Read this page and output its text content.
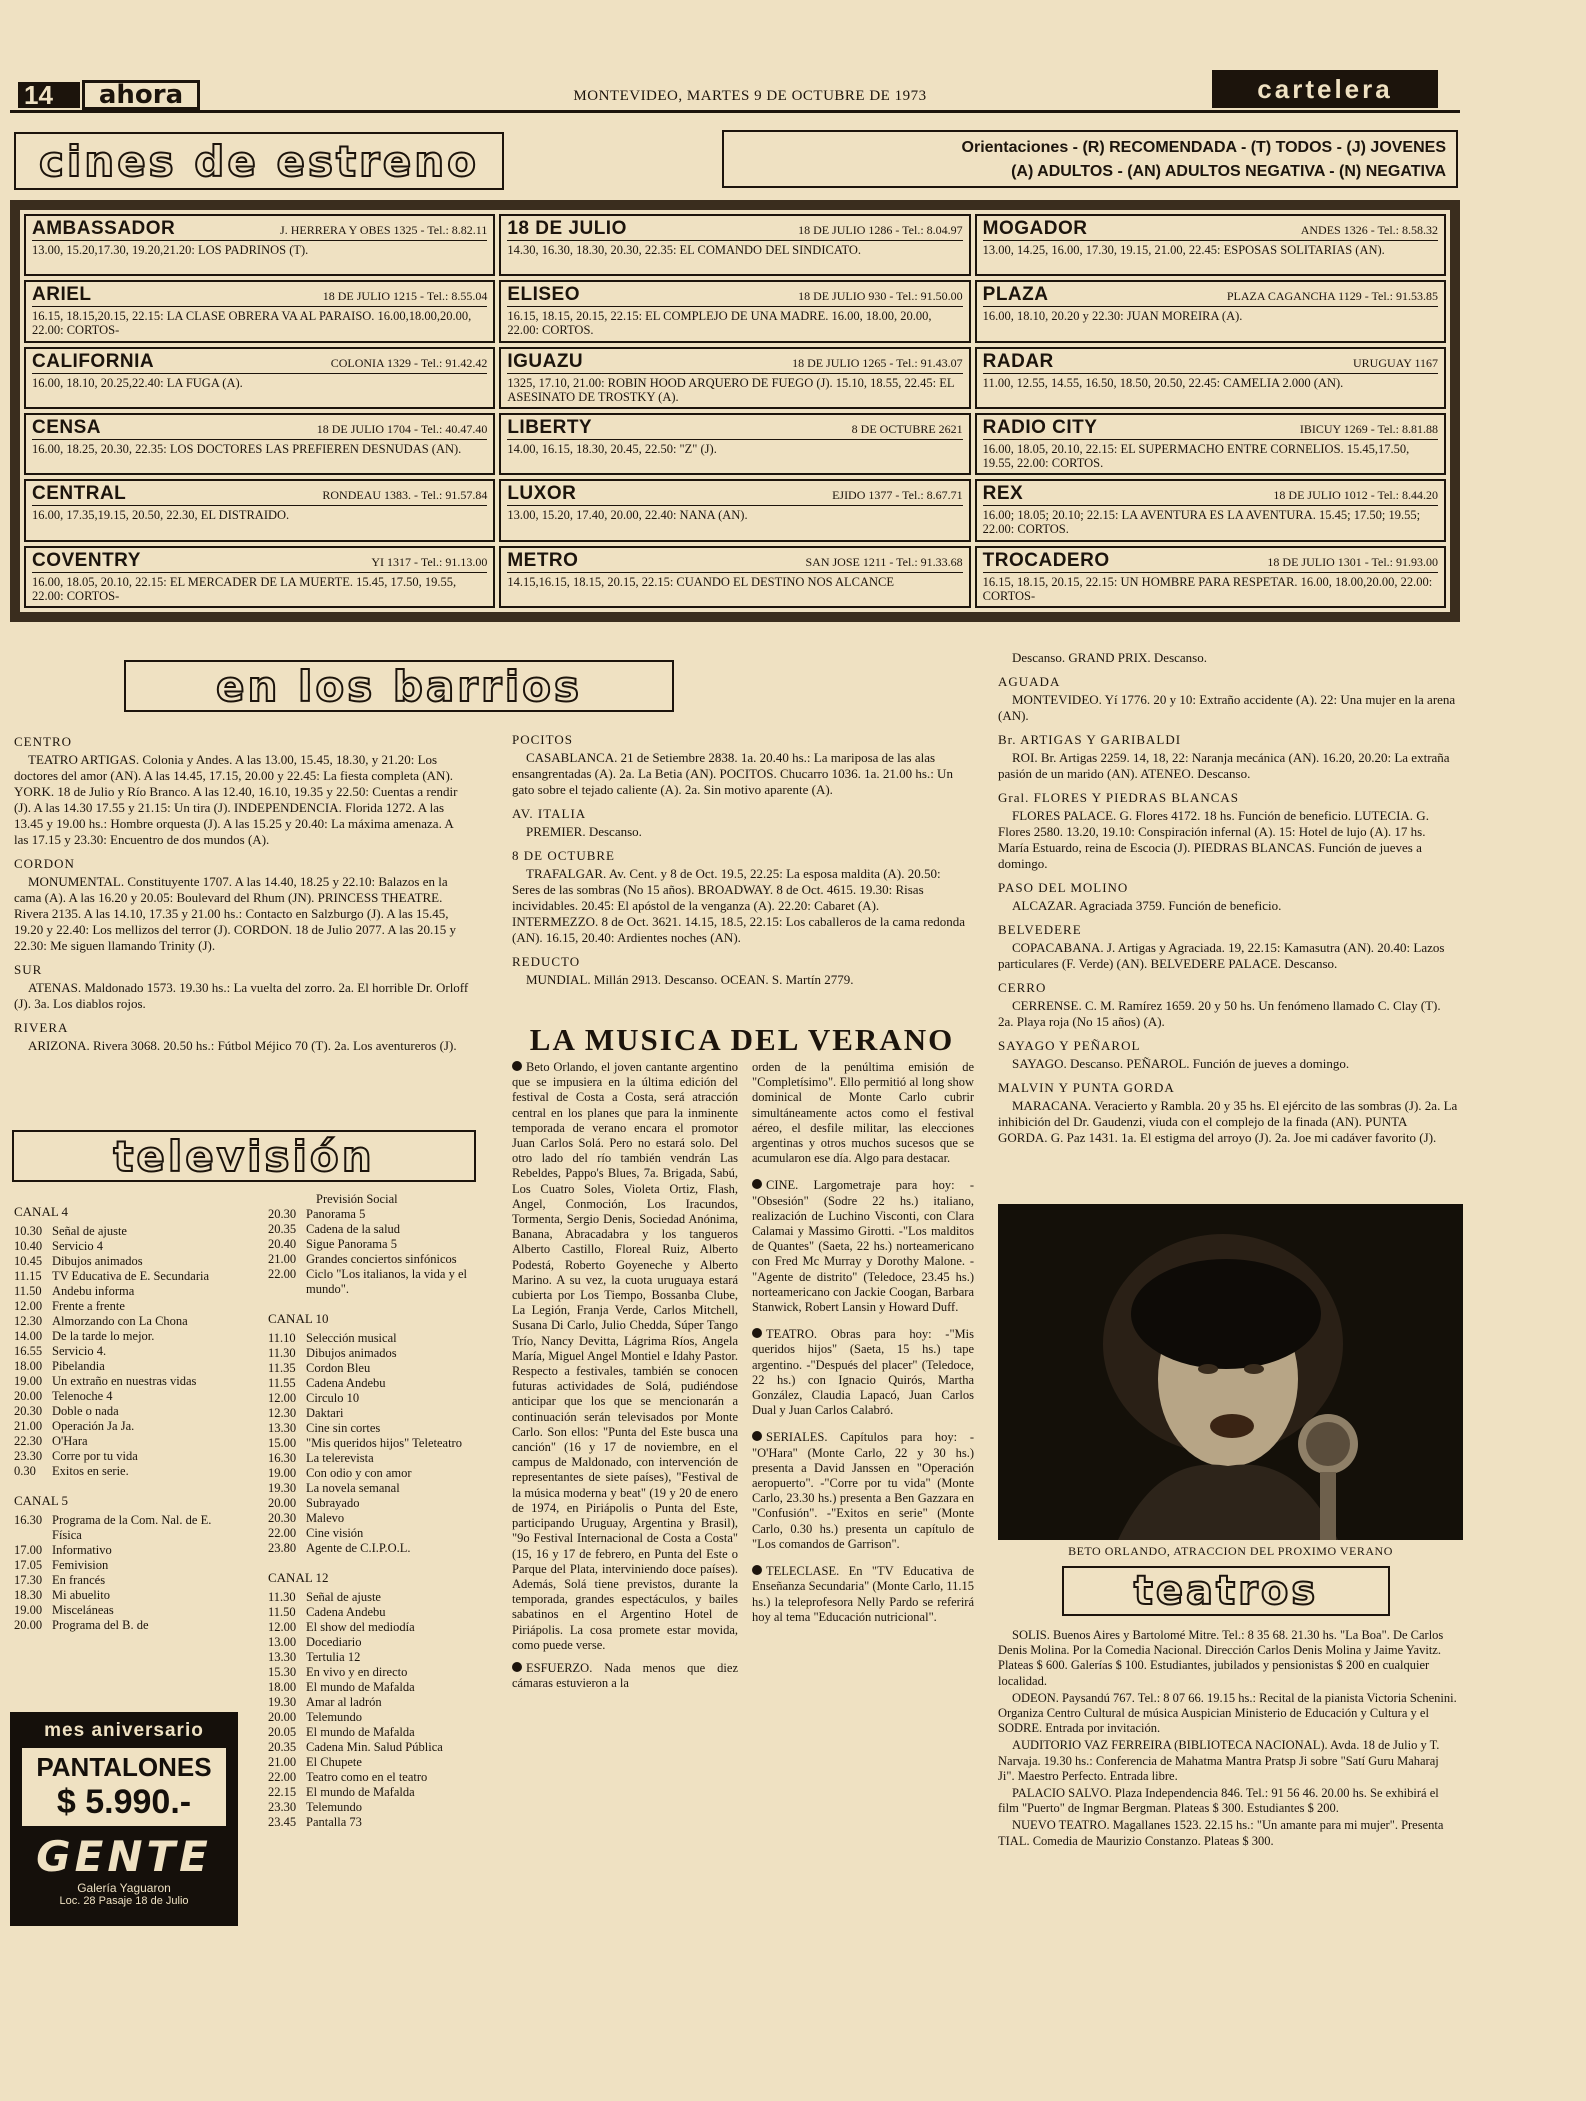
14	ahora	MONTEVIDEO, MARTES 9 DE OCTUBRE DE 1973	cartelera
cines de estreno	Orientaciones - (R) RECOMENDADA - (T) TODOS - (J) JOVENES
(A) ADULTOS - (AN) ADULTOS NEGATIVA - (N) NEGATIVA
AMBASSADOR	J. HERRERA Y OBES 1325 - Tel.: 8.82.11
13.00, 15.20,17.30, 19.20,21.20: LOS PADRINOS (T).
18 DE JULIO	18 DE JULIO 1286 - Tel.: 8.04.97
14.30, 16.30, 18.30, 20.30, 22.35: EL COMANDO DEL SINDICATO.
MOGADOR	ANDES 1326 - Tel.: 8.58.32
13.00, 14.25, 16.00, 17.30, 19.15, 21.00, 22.45: ESPOSAS SOLITARIAS (AN).
ARIEL	18 DE JULIO 1215 - Tel.: 8.55.04
16.15, 18.15,20.15, 22.15: LA CLASE OBRERA VA AL PARAISO. 16.00,18.00,20.00, 22.00: CORTOS-
ELISEO	18 DE JULIO 930 - Tel.: 91.50.00
16.15, 18.15, 20.15, 22.15: EL COMPLEJO DE UNA MADRE. 16.00, 18.00, 20.00, 22.00: CORTOS.
PLAZA	PLAZA CAGANCHA 1129 - Tel.: 91.53.85
16.00, 18.10, 20.20 y 22.30: JUAN MOREIRA (A).
CALIFORNIA	COLONIA 1329 - Tel.: 91.42.42
16.00, 18.10, 20.25,22.40: LA FUGA (A).
IGUAZU	18 DE JULIO 1265 - Tel.: 91.43.07
1325, 17.10, 21.00: ROBIN HOOD ARQUERO DE FUEGO (J). 15.10, 18.55, 22.45: EL ASESINATO DE TROSTKY (A).
RADAR	URUGUAY 1167
11.00, 12.55, 14.55, 16.50, 18.50, 20.50, 22.45: CAMELIA 2.000 (AN).
CENSA	18 DE JULIO 1704 - Tel.: 40.47.40
16.00, 18.25, 20.30, 22.35: LOS DOCTORES LAS PREFIEREN DESNUDAS (AN).
LIBERTY	8 DE OCTUBRE 2621
14.00, 16.15, 18.30, 20.45, 22.50: "Z" (J).
RADIO CITY	IBICUY 1269 - Tel.: 8.81.88
16.00, 18.05, 20.10, 22.15: EL SUPERMACHO ENTRE CORNELIOS. 15.45,17.50, 19.55, 22.00: CORTOS.
CENTRAL	RONDEAU 1383. - Tel.: 91.57.84
16.00, 17.35,19.15, 20.50, 22.30, EL DISTRAIDO.
LUXOR	EJIDO 1377 - Tel.: 8.67.71
13.00, 15.20, 17.40, 20.00, 22.40: NANA (AN).
REX	18 DE JULIO 1012 - Tel.: 8.44.20
16.00; 18.05; 20.10; 22.15: LA AVENTURA ES LA AVENTURA. 15.45; 17.50; 19.55; 22.00: CORTOS.
COVENTRY	YI 1317 - Tel.: 91.13.00
16.00, 18.05, 20.10, 22.15: EL MERCADER DE LA MUERTE. 15.45, 17.50, 19.55, 22.00: CORTOS-
METRO	SAN JOSE 1211 - Tel.: 91.33.68
14.15,16.15, 18.15, 20.15, 22.15: CUANDO EL DESTINO NOS ALCANCE
TROCADERO	18 DE JULIO 1301 - Tel.: 91.93.00
16.15, 18.15, 20.15, 22.15: UN HOMBRE PARA RESPETAR. 16.00, 18.00,20.00, 22.00: CORTOS-
en los barrios
CENTRO

TEATRO ARTIGAS. Colonia y Andes. A las 13.00, 15.45, 18.30, y 21.20: Los doctores del amor (AN). A las 14.45, 17.15, 20.00 y 22.45: La fiesta completa (AN). YORK. 18 de Julio y Río Branco. A las 12.40, 16.10, 19.35 y 22.50: Cuentas a rendir (J). A las 14.30 17.55 y 21.15: Un tira (J). INDEPENDENCIA. Florida 1272. A las 13.45 y 19.00 hs.: Hombre orquesta (J). A las 15.25 y 20.40: La máxima amenaza. A las 17.15 y 23.30: Encuentro de dos mundos (A).

CORDON

MONUMENTAL. Constituyente 1707. A las 14.40, 18.25 y 22.10: Balazos en la cama (A). A las 16.20 y 20.05: Boulevard del Rhum (JN). PRINCESS THEATRE. Rivera 2135. A las 14.10, 17.35 y 21.00 hs.: Contacto en Salzburgo (J). A las 15.45, 19.20 y 22.40: Los mellizos del terror (J). CORDON. 18 de Julio 2077. A las 20.15 y 22.30: Me siguen llamando Trinity (J).

SUR

ATENAS. Maldonado 1573. 19.30 hs.: La vuelta del zorro. 2a. El horrible Dr. Orloff (J). 3a. Los diablos rojos.

RIVERA

ARIZONA. Rivera 3068. 20.50 hs.: Fútbol Méjico 70 (T). 2a. Los aventureros (J).

POCITOS

CASABLANCA. 21 de Setiembre 2838. 1a. 20.40 hs.: La mariposa de las alas ensangrentadas (A). 2a. La Betia (AN). POCITOS. Chucarro 1036. 1a. 21.00 hs.: Un gato sobre el tejado caliente (A). 2a. Sin motivo aparente (A).

AV. ITALIA

PREMIER. Descanso.

8 DE OCTUBRE

TRAFALGAR. Av. Cent. y 8 de Oct. 19.5, 22.25: La esposa maldita (A). 20.50: Seres de las sombras (No 15 años). BROADWAY. 8 de Oct. 4615. 19.30: Risas incividables. 20.45: El apóstol de la venganza (A). 22.20: Cabaret (A). INTERMEZZO. 8 de Oct. 3621. 14.15, 18.5, 22.15: Los caballeros de la cama redonda (AN). 16.15, 20.40: Ardientes noches (AN).

REDUCTO

MUNDIAL. Millán 2913. Descanso. OCEAN. S. Martín 2779.

Descanso. GRAND PRIX. Descanso.

AGUADA

MONTEVIDEO. Yí 1776. 20 y 10: Extraño accidente (A). 22: Una mujer en la arena (AN).

Br. ARTIGAS Y GARIBALDI

ROI. Br. Artigas 2259. 14, 18, 22: Naranja mecánica (AN). 16.20, 20.20: La extraña pasión de un marido (AN). ATENEO. Descanso.

Gral. FLORES Y PIEDRAS BLANCAS

FLORES PALACE. G. Flores 4172. 18 hs. Función de beneficio. LUTECIA. G. Flores 2580. 13.20, 19.10: Conspiración infernal (A). 15: Hotel de lujo (A). 17 hs. María Estuardo, reina de Escocia (J). PIEDRAS BLANCAS. Función de jueves a domingo.

PASO DEL MOLINO

ALCAZAR. Agraciada 3759. Función de beneficio.

BELVEDERE

COPACABANA. J. Artigas y Agraciada. 19, 22.15: Kamasutra (AN). 20.40: Lazos particulares (F. Verde) (AN). BELVEDERE PALACE. Descanso.

CERRO

CERRENSE. C. M. Ramírez 1659. 20 y 50 hs. Un fenómeno llamado C. Clay (T). 2a. Playa roja (No 15 años) (A).

SAYAGO Y PEÑAROL

SAYAGO. Descanso. PEÑAROL. Función de jueves a domingo.

MALVIN Y PUNTA GORDA

MARACANA. Veracierto y Rambla. 20 y 35 hs. El ejército de las sombras (J). 2a. La inhibición del Dr. Gaudenzi, viuda con el complejo de la finada (AN). PUNTA GORDA. G. Paz 1431. 1a. El estigma del arroyo (J). 2a. Joe mi cadáver favorito (J).

televisión
CANAL 4
10.30 Señal de ajuste
10.40 Servicio 4
10.45 Dibujos animados
11.15 TV Educativa de E. Secundaria
11.50 Andebu informa
12.00 Frente a frente
12.30 Almorzando con La Chona
14.00 De la tarde lo mejor.
16.55 Servicio 4.
18.00 Pibelandia
19.00 Un extraño en nuestras vidas
20.00 Telenoche 4
20.30 Doble o nada
21.00 Operación Ja Ja.
22.30 O'Hara
23.30 Corre por tu vida
0.30	Exitos en serie.
CANAL 5
16.30 Programa de la Com. Nal. de E. Física
17.00 Informativo
17.05 Femivision
17.30 En francés
18.30 Mi abuelito
19.00 Misceláneas
20.00 Programa del B. de
Previsión Social
20.30 Panorama 5
20.35 Cadena de la salud
20.40 Sigue Panorama 5
21.00 Grandes conciertos sinfónicos
22.00 Ciclo "Los italianos, la vida y el mundo".
CANAL 10
11.10 Selección musical
11.30 Dibujos animados
11.35 Cordon Bleu
11.55 Cadena Andebu
12.00 Circulo 10
12.30 Daktari
13.30 Cine sin cortes
15.00 "Mis queridos hijos" Teleteatro
16.30 La telerevista
19.00 Con odio y con amor
19.30 La novela semanal
20.00 Subrayado
20.30 Malevo
22.00 Cine visión
23.80 Agente de C.I.P.O.L.
CANAL 12
11.30 Señal de ajuste
11.50 Cadena Andebu
12.00 El show del mediodía
13.00 Docediario
13.30 Tertulia 12
15.30 En vivo y en directo
18.00 El mundo de Mafalda
19.30 Amar al ladrón
20.00 Telemundo
20.05 El mundo de Mafalda
20.35 Cadena Min. Salud Pública
21.00 El Chupete
22.00 Teatro como en el teatro
22.15 El mundo de Mafalda
23.30 Telemundo
23.45 Pantalla 73
mes aniversario
PANTALONES
$ 5.990.-
GENTE
Galería Yaguaron
Loc. 28 Pasaje 18 de Julio
LA MUSICA DEL VERANO

Beto Orlando, el joven cantante argentino que se impusiera en la última edición del festival de Costa a Costa, será atracción central en los planes que para la inminente temporada de verano encara el promotor Juan Carlos Solá. Pero no estará solo. Del otro lado del río también vendrán Las Rebeldes, Pappo's Blues, 7a. Brigada, Sabú, Los Cuatro Soles, Violeta Ortiz, Flash, Angel, Conmoción, Los Iracundos, Tormenta, Sergio Denis, Sociedad Anónima, Banana, Abracadabra y los tangueros Alberto Castillo, Floreal Ruiz, Alberto Podestá, Roberto Goyeneche y Alberto Marino. A su vez, la cuota uruguaya estará cubierta por Los Tiempo, Bossanba Clube, La Legión, Franja Verde, Carlos Mitchell, Susana Di Carlo, Julio Chedda, Súper Tango Trío, Nancy Devitta, Lágrima Ríos, Angela María, Miguel Angel Montiel e Idahy Pastor. Respecto a festivales, también se conocen futuras actividades de Solá, pudiéndose anticipar que los que se mencionarán a continuación serán televisados por Monte Carlo. Son ellos: "Punta del Este busca una canción" (16 y 17 de noviembre, en el campus de Maldonado, con intervención de representantes de siete países), "Festival de la música moderna y beat" (19 y 20 de enero de 1974, en Piriápolis o Punta del Este, participando Uruguay, Argentina y Brasil), "9o Festival Internacional de Costa a Costa" (15, 16 y 17 de febrero, en Punta del Este o Parque del Plata, interviniendo doce países). Además, Solá tiene previstos, durante la temporada, grandes espectáculos, y bailes sabatinos en el Argentino Hotel de Piriápolis. La cosa promete estar movida, como puede verse.

ESFUERZO. Nada menos que diez cámaras estuvieron a la

orden de la penúltima emisión de "Completísimo". Ello permitió al long show dominical de Monte Carlo cubrir simultáneamente actos como el festival aéreo, el desfile militar, las elecciones argentinas y otros muchos sucesos que se acumularon ese día. Algo para destacar.

CINE. Largometraje para hoy: -"Obsesión" (Sodre 22 hs.) italiano, realización de Luchino Visconti, con Clara Calamai y Massimo Girotti. -"Los malditos de Quantes" (Saeta, 22 hs.) norteamericano con Fred Mc Murray y Dorothy Malone. -"Agente de distrito" (Teledoce, 23.45 hs.) norteamericano con Jackie Coogan, Barbara Stanwick, Robert Lansin y Howard Duff.

TEATRO. Obras para hoy: -"Mis queridos hijos" (Saeta, 15 hs.) tape argentino. -"Después del placer" (Teledoce, 22 hs.) con Ignacio Quirós, Martha González, Claudia Lapacó, Juan Carlos Dual y Juan Carlos Calabró.

SERIALES. Capítulos para hoy: -"O'Hara" (Monte Carlo, 22 y 30 hs.) presenta a David Janssen en "Operación aeropuerto". -"Corre por tu vida" (Monte Carlo, 23.30 hs.) presenta a Ben Gazzara en "Confusión". -"Exitos en serie" (Monte Carlo, 0.30 hs.) presenta un capítulo de "Los comandos de Garrison".

TELECLASE. En "TV Educativa de Enseñanza Secundaria" (Monte Carlo, 11.15 hs.) la teleprofesora Nelly Pardo se referirá hoy al tema "Educación nutricional".

BETO ORLANDO, ATRACCION DEL PROXIMO VERANO
teatros

SOLIS. Buenos Aires y Bartolomé Mitre. Tel.: 8 35 68. 21.30 hs. "La Boa". De Carlos Denis Molina. Por la Comedia Nacional. Dirección Carlos Denis Molina y Jaime Yavitz. Plateas $ 600. Galerías $ 100. Estudiantes, jubilados y pensionistas $ 200 en cualquier localidad.

ODEON. Paysandú 767. Tel.: 8 07 66. 19.15 hs.: Recital de la pianista Victoria Schenini. Organiza Centro Cultural de música Auspician Ministerio de Educación y Cultura y el SODRE. Entrada por invitación.

AUDITORIO VAZ FERREIRA (BIBLIOTECA NACIONAL). Avda. 18 de Julio y T. Narvaja. 19.30 hs.: Conferencia de Mahatma Mantra Pratsp Ji sobre "Satí Guru Maharaj Ji". Maestro Perfecto. Entrada libre.

PALACIO SALVO. Plaza Independencia 846. Tel.: 91 56 46. 20.00 hs. Se exhibirá el film "Puerto" de Ingmar Bergman. Plateas $ 300. Estudiantes $ 200.

NUEVO TEATRO. Magallanes 1523. 22.15 hs.: "Un amante para mi mujer". Presenta TIAL. Comedia de Maurizio Constanzo. Plateas $ 300.
